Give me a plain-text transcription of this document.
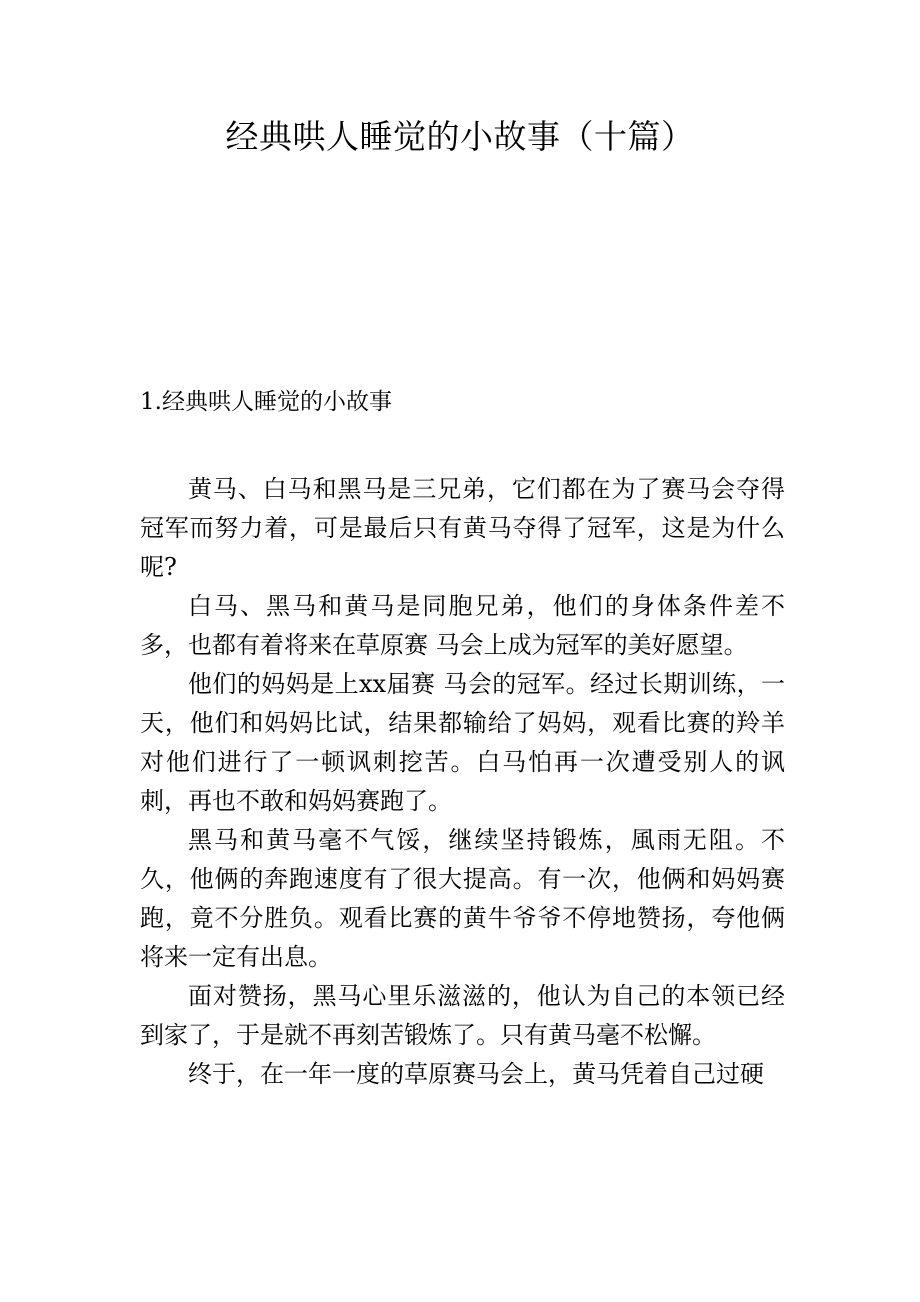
经典哄人睡觉的小故事（十篇）
1.经典哄人睡觉的小故事

黄马、白马和黑马是三兄弟，它们都在为了赛马会夺得冠军而努力着，可是最后只有黄马夺得了冠军，这是为什么呢?

白马、黑马和黄马是同胞兄弟，他们的身体条件差不多，也都有着将来在草原赛 马会上成为冠军的美好愿望。

他们的妈妈是上xx届赛 马会的冠军。经过长期训练，一天，他们和妈妈比试，结果都输给了妈妈，观看比赛的羚羊对他们进行了一顿讽刺挖苦。白马怕再一次遭受别人的讽刺，再也不敢和妈妈赛跑了。

黑马和黄马毫不气馁，继续坚持锻炼，風雨无阻。不久，他俩的奔跑速度有了很大提高。有一次，他俩和妈妈赛跑，竟不分胜负。观看比赛的黄牛爷爷不停地赞扬，夸他俩将来一定有出息。

面对赞扬，黑马心里乐滋滋的，他认为自己的本领已经到家了，于是就不再刻苦锻炼了。只有黄马毫不松懈。

终于，在一年一度的草原赛马会上，黄马凭着自己过硬
